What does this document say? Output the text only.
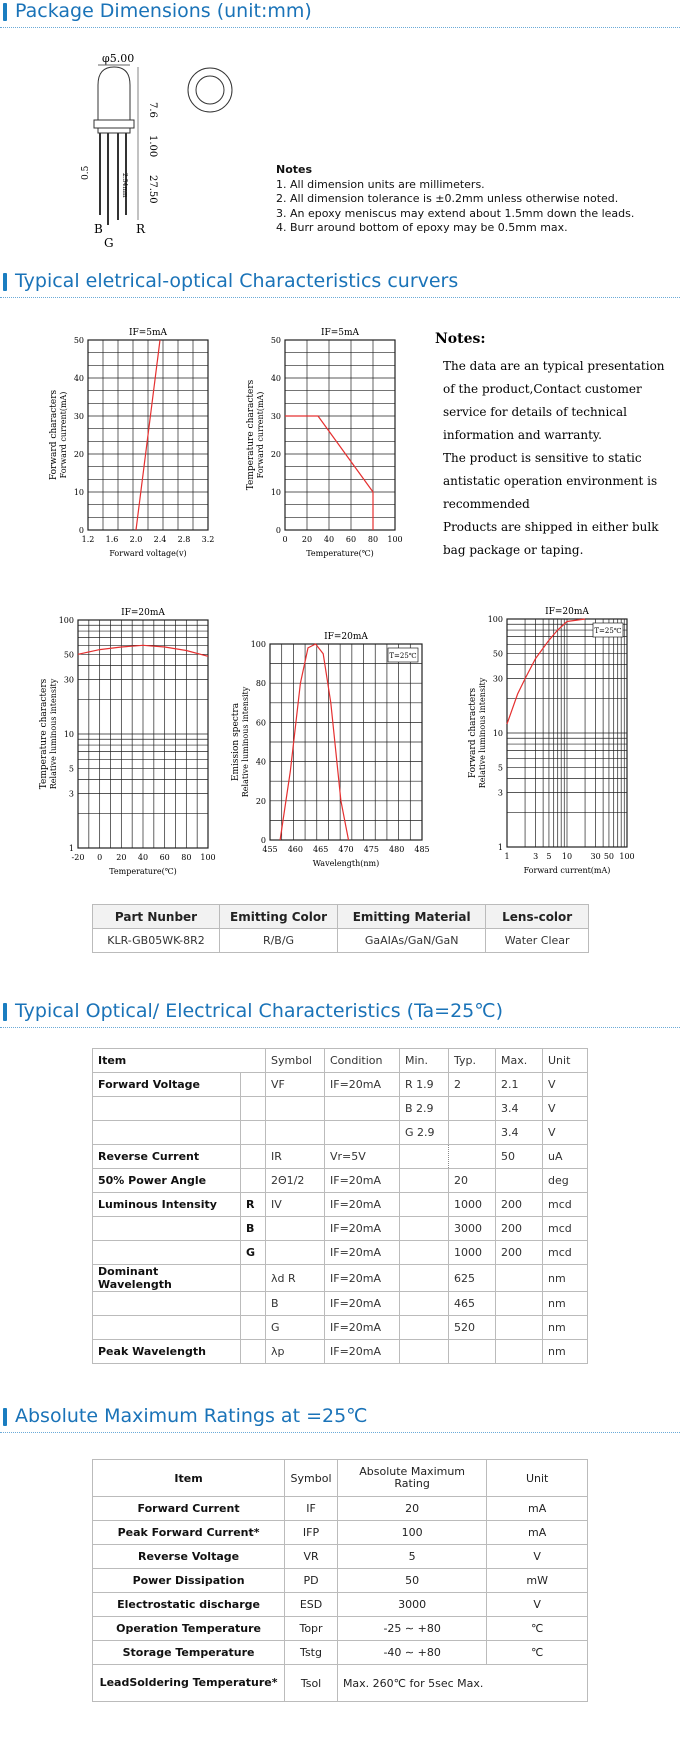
Package Dimensions (unit:mm)
φ5.00
7.6
1.00
27.50
0.5
2.54mm
B
G
R
Notes
1. All dimension units are millimeters.
2. All dimension tolerance is ±0.2mm unless otherwise noted.
3. An epoxy meniscus may extend about 1.5mm down the leads.
4. Burr around bottom of epoxy may be 0.5mm max.
Typical eletrical-optical Characteristics curvers
1.2 1.6 2.0 2.4 2.8 3.2
0
10
20
30
40
50
IF=5mA
Forward voltage(v)
Forward characters Forward current(mA)
0 20 40 60 80 100
0
10
20
30
40
50
IF=5mA
Temperature(℃)
Temperature characters Forward current(mA)
-20 0 20 40 60 80 100
1
3
5
10
30
50
100
IF=20mA
Temperature(℃)
Temperature characters Relative luminous intensity
455 460 465 470 475 480 485
0
20
40
60
80
100
IF=20mA
T=25℃
Wavelength(nm)
Emission spectra Relative luminous intensity
1	3 5 10 30 50 100
1
3
5
10
30
50
100
IF=20mA
T=25℃
Forward current(mA)
Forward characters Relative luminous intensity
Notes:
The data are an typical presentation
of the product,Contact customer
service for details of technical
information and warranty.
The product is sensitive to static
antistatic operation environment is
recommended
Products are shipped in either bulk
bag package or taping.
Part Nunber	Emitting Color	Emitting Material	Lens-color
KLR-GB05WK-8R2	R/B/G	GaAIAs/GaN/GaN	Water Clear
Typical Optical/ Electrical Characteristics (Ta=25℃)
Item		Symbol	Condition	Min.	Typ.	Max.	Unit
Forward Voltage		VF	IF=20mA	R 1.9	2	2.1	V
				B 2.9		3.4	V
				G 2.9		3.4	V
Reverse Current		IR	Vr=5V			50	uA
50% Power Angle		2Θ1/2	IF=20mA		20		deg
Luminous Intensity	R	IV	IF=20mA		1000	200	mcd
	B		IF=20mA		3000	200	mcd
	G		IF=20mA		1000	200	mcd
Dominant Wavelength		λd R	IF=20mA		625		nm
		B	IF=20mA		465		nm
		G	IF=20mA		520		nm
Peak Wavelength		λp	IF=20mA				nm
Absolute Maximum Ratings at =25℃
Item	Symbol	Absolute Maximum Rating	Unit
Forward Current	IF	20	mA
Peak Forward Current*	IFP	100	mA
Reverse Voltage	VR	5	V
Power Dissipation	PD	50	mW
Electrostatic discharge	ESD	3000	V
Operation Temperature	Topr	-25 ∼ +80	℃
Storage Temperature	Tstg	-40 ∼ +80	℃
LeadSoldering Temperature*	Tsol	Max. 260℃ for 5sec Max.	
